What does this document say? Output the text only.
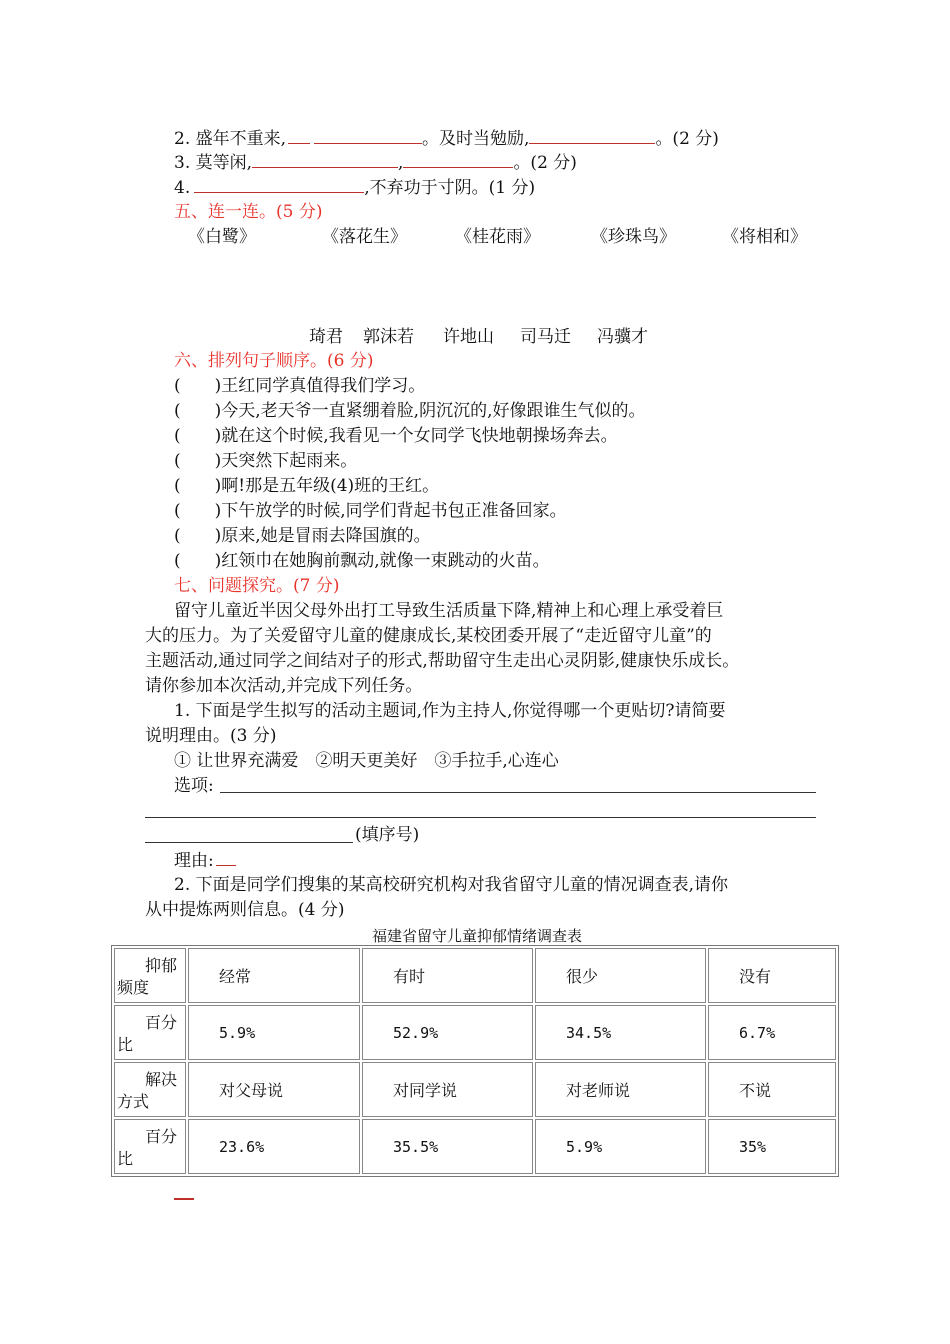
2. 盛年不重来,	。及时当勉励,	。(2 分)
3. 莫等闲,	,	。(2 分)
4.	,不弃功于寸阴。(1 分)
五、连一连。(5 分)
《白鹭》	《落花生》	《桂花雨》	《珍珠鸟》	《将相和》
琦君 郭沫若 许地山 司马迁 冯骥才
六、排列句子顺序。(6 分)
(　　)王红同学真值得我们学习。
(　　)今天,老天爷一直紧绷着脸,阴沉沉的,好像跟谁生气似的。
(　　)就在这个时候,我看见一个女同学飞快地朝操场奔去。
(　　)天突然下起雨来。
(　　)啊!那是五年级(4)班的王红。
(　　)下午放学的时候,同学们背起书包正准备回家。
(　　)原来,她是冒雨去降国旗的。
(　　)红领巾在她胸前飘动,就像一束跳动的火苗。
七、问题探究。(7 分)
留守儿童近半因父母外出打工导致生活质量下降,精神上和心理上承受着巨
大的压力。为了关爱留守儿童的健康成长,某校团委开展了“走近留守儿童”的
主题活动,通过同学之间结对子的形式,帮助留守生走出心灵阴影,健康快乐成长。
请你参加本次活动,并完成下列任务。
1. 下面是学生拟写的活动主题词,作为主持人,你觉得哪一个更贴切?请简要
说明理由。(3 分)
① 让世界充满爱　②明天更美好　③手拉手,心连心
选项:
(填序号)
理由:
2. 下面是同学们搜集的某高校研究机构对我省留守儿童的情况调查表,请你
从中提炼两则信息。(4 分)
福建省留守儿童抑郁情绪调查表
抑郁
频度	经常	有时	很少	没有

百分
比	5.9%	52.9%	34.5%	6.7%

解决
方式	对父母说	对同学说	对老师说	不说

百分
比	23.6%	35.5%	5.9%	35%
